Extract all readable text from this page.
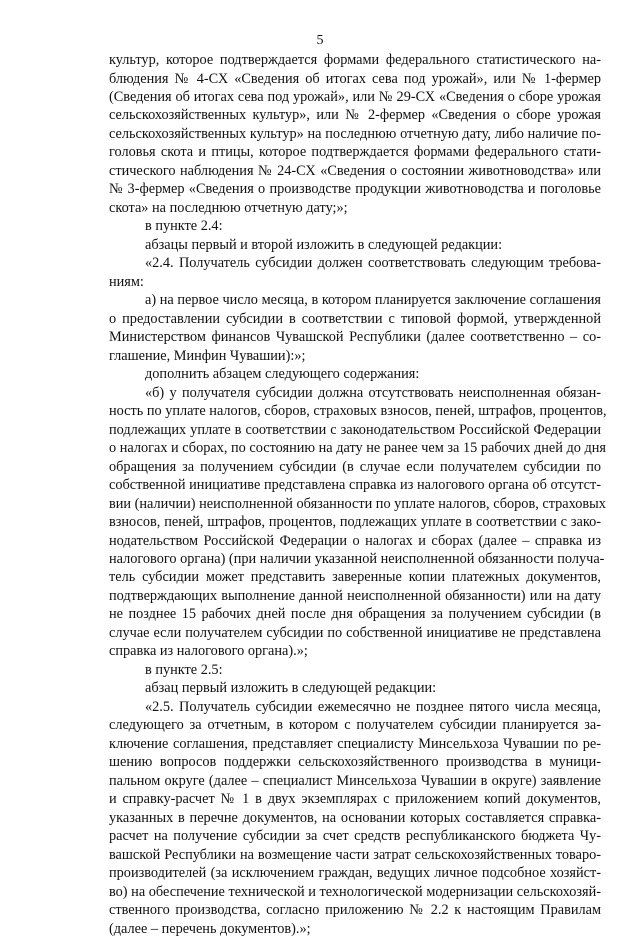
5
культур, которое подтверждается формами федерального статистического на-
блюдения № 4-СХ «Сведения об итогах сева под урожай», или № 1-фермер
(Сведения об итогах сева под урожай», или № 29-СХ «Сведения о сборе урожая
сельскохозяйственных культур», или № 2-фермер «Сведения о сборе урожая
сельскохозяйственных культур» на последнюю отчетную дату, либо наличие по-
головья скота и птицы, которое подтверждается формами федерального стати-
стического наблюдения № 24-СХ «Сведения о состоянии животноводства» или
№ 3-фермер «Сведения о производстве продукции животноводства и поголовье
скота» на последнюю отчетную дату;»;
в пункте 2.4:
абзацы первый и второй изложить в следующей редакции:
«2.4. Получатель субсидии должен соответствовать следующим требова-
ниям:
а) на первое число месяца, в котором планируется заключение соглашения
о предоставлении субсидии в соответствии с типовой формой, утвержденной
Министерством финансов Чувашской Республики (далее соответственно – со-
глашение, Минфин Чувашии):»;
дополнить абзацем следующего содержания:
«б) у получателя субсидии должна отсутствовать неисполненная обязан-
ность по уплате налогов, сборов, страховых взносов, пеней, штрафов, процентов,
подлежащих уплате в соответствии с законодательством Российской Федерации
о налогах и сборах, по состоянию на дату не ранее чем за 15 рабочих дней до дня
обращения за получением субсидии (в случае если получателем субсидии по
собственной инициативе представлена справка из налогового органа об отсутст-
вии (наличии) неисполненной обязанности по уплате налогов, сборов, страховых
взносов, пеней, штрафов, процентов, подлежащих уплате в соответствии с зако-
нодательством Российской Федерации о налогах и сборах (далее – справка из
налогового органа) (при наличии указанной неисполненной обязанности получа-
тель субсидии может представить заверенные копии платежных документов,
подтверждающих выполнение данной неисполненной обязанности) или на дату
не позднее 15 рабочих дней после дня обращения за получением субсидии (в
случае если получателем субсидии по собственной инициативе не представлена
справка из налогового органа).»;
в пункте 2.5:
абзац первый изложить в следующей редакции:
«2.5. Получатель субсидии ежемесячно не позднее пятого числа месяца,
следующего за отчетным, в котором с получателем субсидии планируется за-
ключение соглашения, представляет специалисту Минсельхоза Чувашии по ре-
шению вопросов поддержки сельскохозяйственного производства в муници-
пальном округе (далее – специалист Минсельхоза Чувашии в округе) заявление
и справку-расчет № 1 в двух экземплярах с приложением копий документов,
указанных в перечне документов, на основании которых составляется справка-
расчет на получение субсидии за счет средств республиканского бюджета Чу-
вашской Республики на возмещение части затрат сельскохозяйственных товаро-
производителей (за исключением граждан, ведущих личное подсобное хозяйст-
во) на обеспечение технической и технологической модернизации сельскохозяй-
ственного производства, согласно приложению № 2.2 к настоящим Правилам
(далее – перечень документов).»;
